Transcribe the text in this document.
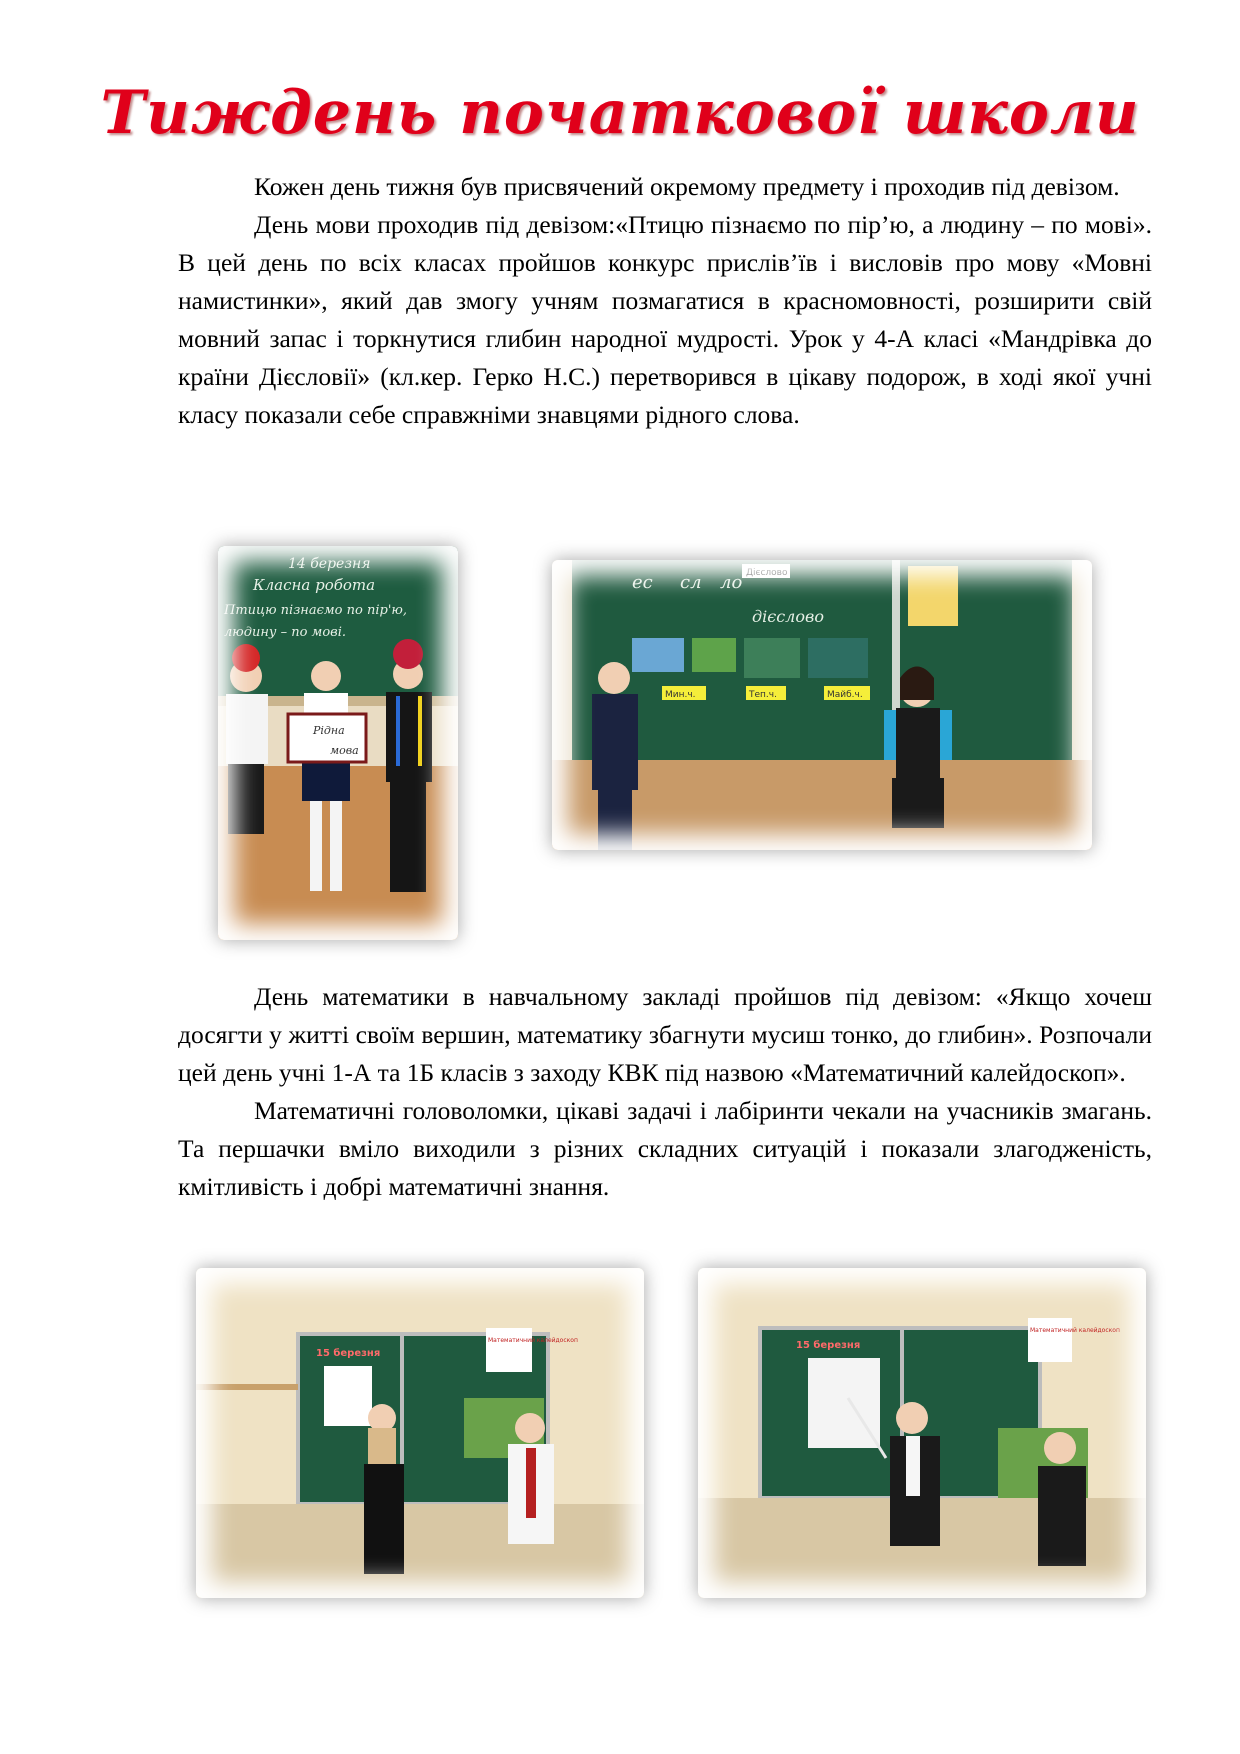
Тиждень початкової школи

Кожен день тижня був присвячений окремому предмету і проходив під девізом.

День мови проходив під девізом:«Птицю пізнаємо по пір’ю, а людину – по мові». В цей день по всіх класах пройшов конкурс прислів’їв і висловів про мову «Мовні намистинки», який дав змогу учням позмагатися в красномовності, розширити свій мовний запас і торкнутися глибин народної мудрості. Урок у 4-А класі «Мандрівка до країни Дієсловії» (кл.кер. Герко Н.С.) перетворився в цікаву подорож, в ході якої учні класу показали себе справжніми знавцями рідного слова.

14 березня
Класна робота
Птицю пізнаємо по пір'ю,
людину – по мові.
Рідна
мова
ес сл ло Дієслово
дієслово
Мин.ч.	Теп.ч.	Майб.ч.

День математики в навчальному закладі пройшов під девізом: «Якщо хочеш досягти у житті своїм вершин, математику збагнути мусиш тонко, до глибин». Розпочали цей день учні 1-А та 1Б класів з заходу КВК під назвою «Математичний калейдоскоп».

Математичні головоломки, цікаві задачі і лабіринти чекали на учасників змагань. Та першачки вміло виходили з різних складних ситуацій і показали злагодженість, кмітливість і добрі математичні знання.

15 березня
Математичний калейдоскоп	15 березня
Математичний калейдоскоп
